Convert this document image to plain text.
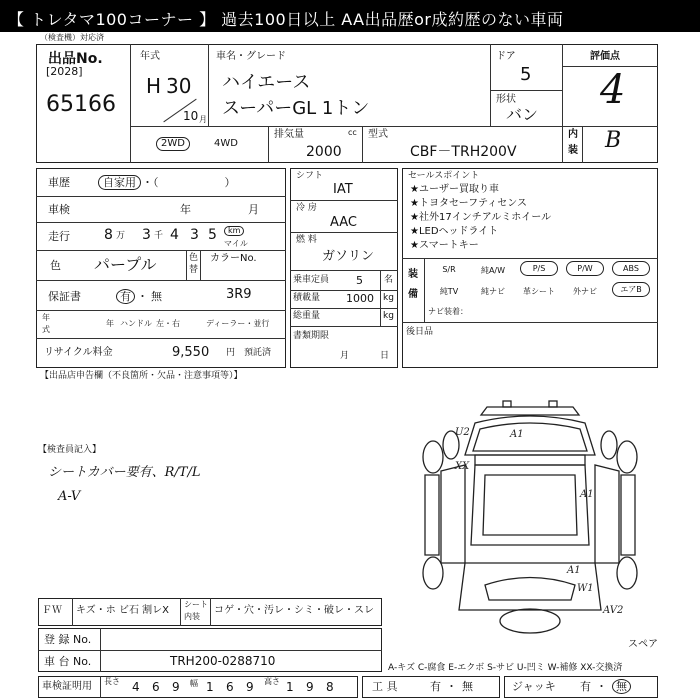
【 トレタマ100コーナー 】 過去100日以上 AA出品歴or成約歴のない車両
（検査機）対応済
出品No.
[2028]
65166
年式
H 30
10 月
車名・グレード
ハイエース
スーパーGL 1トン
ドア
5
形状
バン
評価点
4
内
装 B
2WD	4WD
排気量	cc
2000
型式
CBF－TRH200V
車歴	自家用 ・（　　　　　　）
車検	年	月
走行 8 万 3 千 4 3 5	km
マイル
色 パープル	色
替
カラーNo.
3R9
保証書	有 ・ 無
年
式
年 ハンドル 左・右	ディーラー・並行
リサイクル料金	9,550 円 預託済
シフト
IAT
冷 房
AAC
燃 料
ガソリン
乗車定員 5 名
積載量 1000 kg
総重量	kg
書類期限
月	日
セールスポイント
★ユーザー買取り車
★トヨタセーフティセンス
★社外17インチアルミホイール
★LEDヘッドライト
★スマートキー
装
備
S/R	純A/W	P/S	P/W	ABS
純TV	純ナビ	革シート	外ナビ	エアB
ナビ装着：
後日品
【出品店申告欄（不良箇所・欠品・注意事項等）】
【検査員記入】
シートカバー要有、R/T/L
A-V
U2	A1
XX
A1
W1
A1
AV2
スペア
ＦＷ キズ・ホ ビ石 割レX
シート
内装
コゲ・穴・汚レ・シミ・破レ・スレ
登 録 No.
車 台 No.	TRH200-0288710	A-キズ C-腐食 E-エクボ S-サビ U-凹ミ W-補修 XX-交換済
車検証明用 長さ 4 6 9 幅 1 6 9 高さ 1 9 8	工 具	有 ・ 無	ジャッキ 有 ・ 無
